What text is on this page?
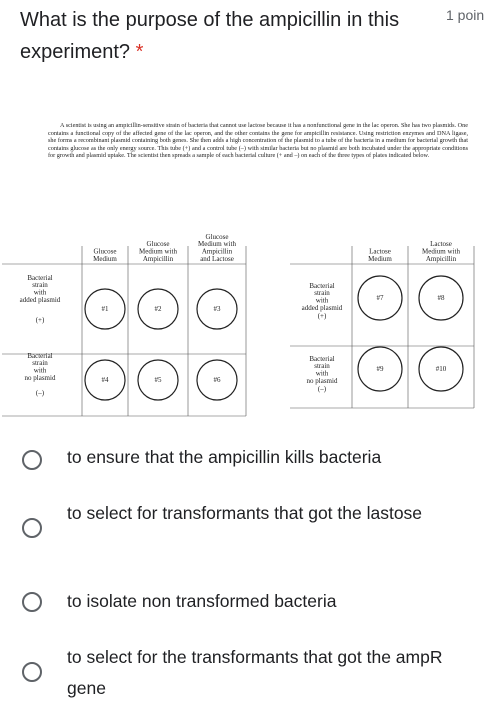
What is the purpose of the ampicillin in this experiment? *
1 poin
A scientist is using an ampicillin-sensitive strain of bacteria that cannot use lactose because it has a nonfunctional gene in the lac operon. She has two plasmids. One contains a functional copy of the affected gene of the lac operon, and the other contains the gene for ampicillin resistance. Using restriction enzymes and DNA ligase, she forms a recombinant plasmid containing both genes. She then adds a high concentration of the plasmid to a tube of the bacteria in a medium for bacterial growth that contains glucose as the only energy source. This tube (+) and a control tube (–) with similar bacteria but no plasmid are both incubated under the appropriate conditions for growth and plasmid uptake. The scientist then spreads a sample of each bacterial culture (+ and –) on each of the three types of plates indicated below.
Glucose
Medium
Glucose
Medium with
Ampicillin
Glucose
Medium with
Ampicillin
and Lactose
Bacterial
strain
with
added plasmid
(+)
Bacterial
strain
with
no plasmid
(–)
#1
#4
#2
#5
#3
#6
Lactose
Medium
Lactose
Medium with
Ampicillin
Bacterial
strain
with
added plasmid
(+)
Bacterial
strain
with
no plasmid
(–)
#7
#9
#8
#10
to ensure that the ampicillin kills bacteria
to select for transformants that got the lastose
to isolate non transformed bacteria
to select for the transformants that got the ampR gene
